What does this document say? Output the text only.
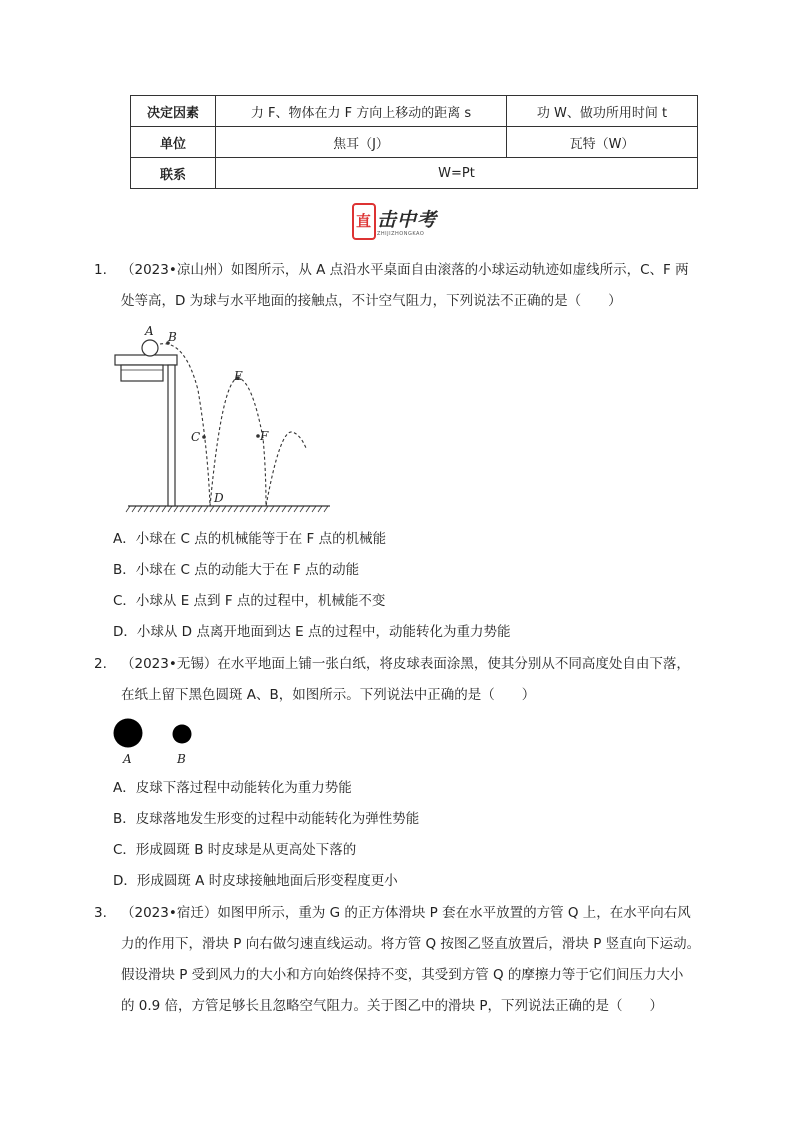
决定因素	力 F、物体在力 F 方向上移动的距离 s	功 W、做功所用时间 t
单位	焦耳（J）	瓦特（W）
联系	W=Pt	
直 击中考
ZHIJIZHONGKAO
1. （2023•凉山州）如图所示，从 A 点沿水平桌面自由滚落的小球运动轨迹如虚线所示，C、F 两
处等高，D 为球与水平地面的接触点，不计空气阻力，下列说法不正确的是（　　）
A B
C
D
E
F
A．小球在 C 点的机械能等于在 F 点的机械能
B．小球在 C 点的动能大于在 F 点的动能
C．小球从 E 点到 F 点的过程中，机械能不变
D．小球从 D 点离开地面到达 E 点的过程中，动能转化为重力势能
2. （2023•无锡）在水平地面上铺一张白纸，将皮球表面涂黑，使其分别从不同高度处自由下落，
在纸上留下黑色圆斑 A、B，如图所示。下列说法中正确的是（　　）
A	B
A．皮球下落过程中动能转化为重力势能
B．皮球落地发生形变的过程中动能转化为弹性势能
C．形成圆斑 B 时皮球是从更高处下落的
D．形成圆斑 A 时皮球接触地面后形变程度更小
3. （2023•宿迁）如图甲所示，重为 G 的正方体滑块 P 套在水平放置的方管 Q 上，在水平向右风
力的作用下，滑块 P 向右做匀速直线运动。将方管 Q 按图乙竖直放置后，滑块 P 竖直向下运动。
假设滑块 P 受到风力的大小和方向始终保持不变，其受到方管 Q 的摩擦力等于它们间压力大小
的 0.9 倍，方管足够长且忽略空气阻力。关于图乙中的滑块 P，下列说法正确的是（　　）
